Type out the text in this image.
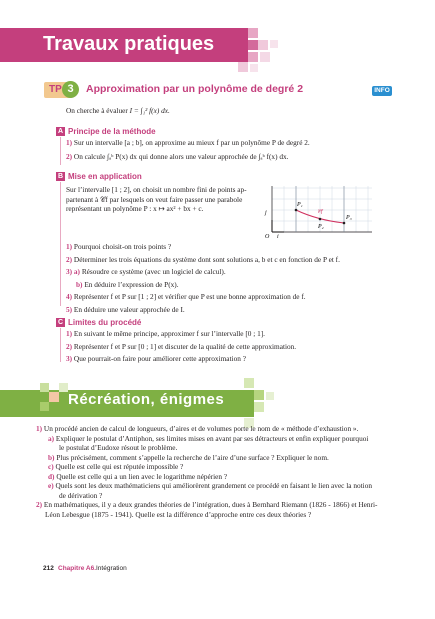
Travaux pratiques
TP 3	Approximation par un polynôme de degré 2	INFO
On cherche à évaluer I = ∫₁² f(x) dx.
A Principe de la méthode
1) Sur un intervalle [a ; b], on approxime au mieux f par un polynôme P de degré 2.
2) On calcule ∫ₐᵇ P(x) dx qui donne alors une valeur approchée de ∫ₐᵇ f(x) dx.
B Mise en application
Sur l’intervalle [1 ; 2], on choisit un nombre fini de points ap-
partenant à 𝒞f par lesquels on veut faire passer une parabole
représentant un polynôme P : x ↦ ax² + bx + c.	P₁
P₂
P₃
𝒞f
j
i
O
1) Pourquoi choisit-on trois points ?
2) Déterminer les trois équations du système dont sont solutions a, b et c en fonction de P et f.
3) a) Résoudre ce système (avec un logiciel de calcul).
b) En déduire l’expression de P(x).
4) Représenter f et P sur [1 ; 2] et vérifier que P est une bonne approximation de f.
5) En déduire une valeur approchée de I.
C Limites du procédé
1) En suivant le même principe, approximer f sur l’intervalle [0 ; 1].
2) Représenter f et P sur [0 ; 1] et discuter de la qualité de cette approximation.
3) Que pourrait-on faire pour améliorer cette approximation ?
Récréation, énigmes
1) Un procédé ancien de calcul de longueurs, d’aires et de volumes porte le nom de « méthode d’exhaustion ».
a) Expliquer le postulat d’Antiphon, ses limites mises en avant par ses détracteurs et enfin expliquer pourquoi
le postulat d’Eudoxe résout le problème.
b) Plus précisément, comment s’appelle la recherche de l’aire d’une surface ? Expliquer le nom.
c) Quelle est celle qui est réputée impossible ?
d) Quelle est celle qui a un lien avec le logarithme népérien ?
e) Quels sont les deux mathématiciens qui améliorèrent grandement ce procédé en faisant le lien avec la notion
de dérivation ?
2) En mathématiques, il y a deux grandes théories de l’intégration, dues à Bernhard Riemann (1826 - 1866) et Henri-
Léon Lebesgue (1875 - 1941). Quelle est la différence d’approche entre ces deux théories ?
212 Chapitre A6. Intégration
